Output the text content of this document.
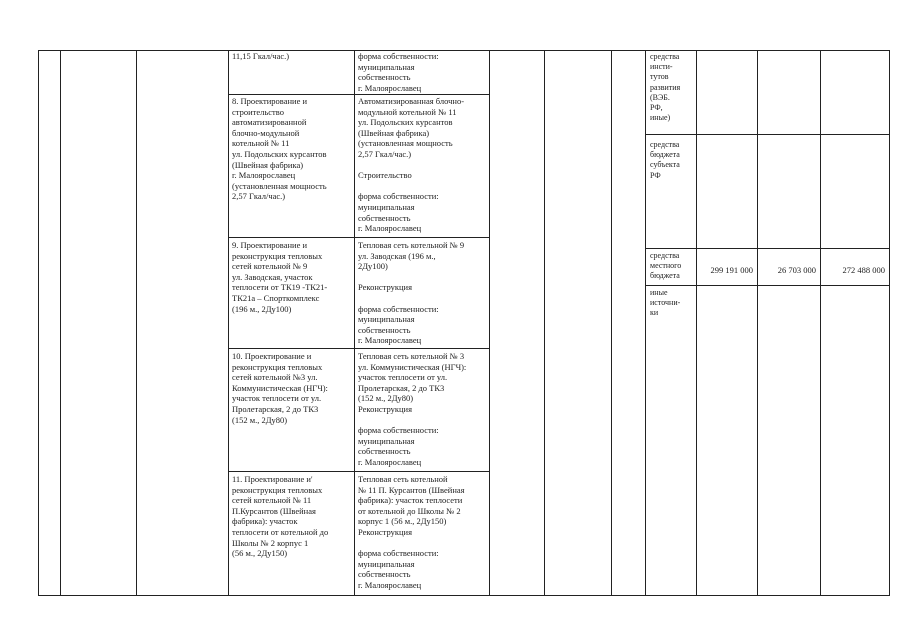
11,15 Гкал/час.)
8. Проектирование и
строительство
автоматизированной
блочно-модульной
котельной № 11
ул. Подольских курсантов
(Швейная фабрика)
г. Малоярославец
(установленная мощность
2,57 Гкал/час.)
9. Проектирование и
реконструкция тепловых
сетей котельной № 9
ул. Заводская, участок
теплосети от ТК19 -ТК21-
ТК21а – Спорткомплекс
(196 м., 2Ду100)
10. Проектирование и
реконструкция тепловых
сетей котельной №3 ул.
Коммунистическая (НГЧ):
участок теплосети от ул.
Пролетарская, 2 до ТК3
(152 м., 2Ду80)
11. Проектирование и'
реконструкция тепловых
сетей котельной № 11
П.Курсантов (Швейная
фабрика): участок
теплосети от котельной до
Школы № 2 корпус 1
(56 м., 2Ду150)
форма собственности:
муниципальная
собственность
г. Малоярославец
Автоматизированная блочно-
модульной котельной № 11
ул. Подольских курсантов
(Швейная фабрика)
(установленная мощность
2,57 Гкал/час.)

Строительство

форма собственности:
муниципальная
собственность
г. Малоярославец
Тепловая сеть котельной № 9
ул. Заводская (196 м.,
2Ду100)

Реконструкция

форма собственности:
муниципальная
собственность
г. Малоярославец
Тепловая сеть котельной № 3
ул. Коммунистическая (НГЧ):
участок теплосети от ул.
Пролетарская, 2 до ТК3
(152 м., 2Ду80)
Реконструкция

форма собственности:
муниципальная
собственность
г. Малоярославец
Тепловая сеть котельной
№ 11 П. Курсантов (Швейная
фабрика): участок теплосети
от котельной до Школы № 2
корпус 1 (56 м., 2Ду150)
Реконструкция

форма собственности:
муниципальная
собственность
г. Малоярославец
средства
инсти-
тутов
развития
(ВЭБ.
РФ,
иные)
средства
бюджета
субъекта
РФ
средства
местного
бюджета
иные
источни-
ки
299 191 000	26 703 000	272 488 000
